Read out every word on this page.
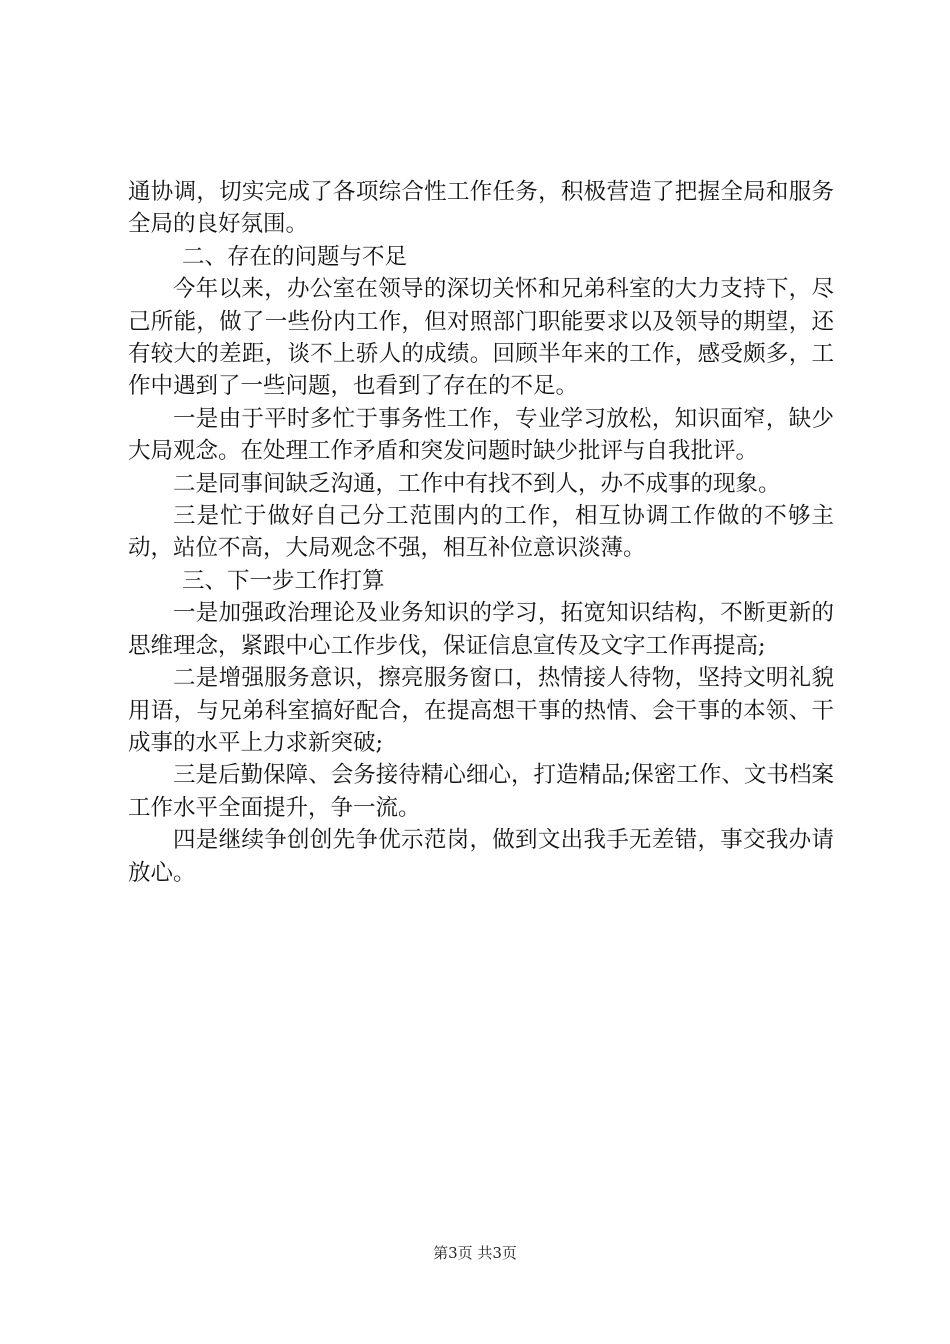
通协调，切实完成了各项综合性工作任务，积极营造了把握全局和服务全局的良好氛围。

二、存在的问题与不足

今年以来，办公室在领导的深切关怀和兄弟科室的大力支持下，尽己所能，做了一些份内工作，但对照部门职能要求以及领导的期望，还有较大的差距，谈不上骄人的成绩。回顾半年来的工作，感受颇多，工作中遇到了一些问题，也看到了存在的不足。

一是由于平时多忙于事务性工作，专业学习放松，知识面窄，缺少大局观念。在处理工作矛盾和突发问题时缺少批评与自我批评。

二是同事间缺乏沟通，工作中有找不到人，办不成事的现象。

三是忙于做好自己分工范围内的工作，相互协调工作做的不够主动，站位不高，大局观念不强，相互补位意识淡薄。

三、下一步工作打算

一是加强政治理论及业务知识的学习，拓宽知识结构，不断更新的思维理念，紧跟中心工作步伐，保证信息宣传及文字工作再提高;

二是增强服务意识，擦亮服务窗口，热情接人待物，坚持文明礼貌用语，与兄弟科室搞好配合，在提高想干事的热情、会干事的本领、干成事的水平上力求新突破;

三是后勤保障、会务接待精心细心，打造精品;保密工作、文书档案工作水平全面提升，争一流。

四是继续争创创先争优示范岗，做到文出我手无差错，事交我办请放心。

第3页 共3页
